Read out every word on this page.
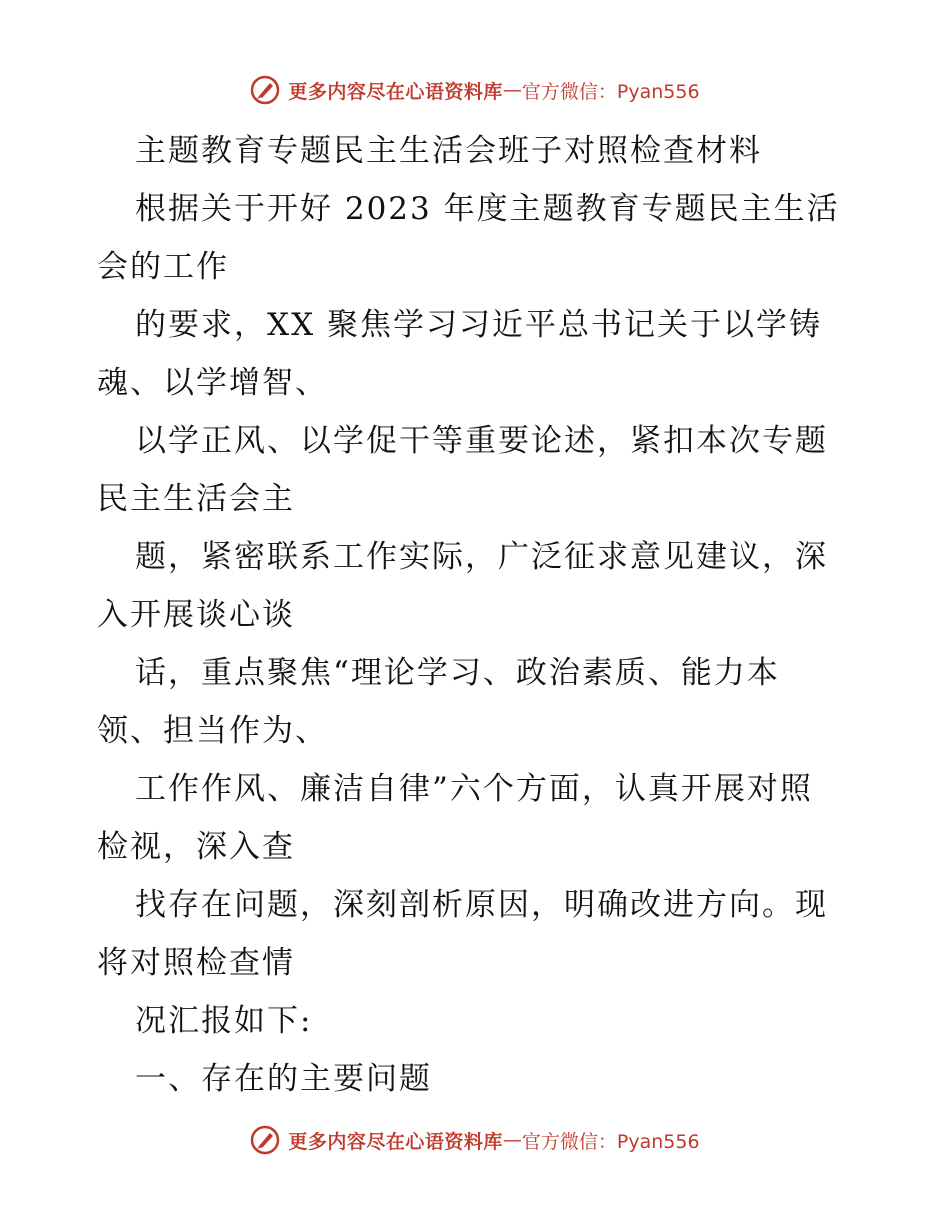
更多内容尽在心语资料库 — 官方微信：Pyan556
主题教育专题民主生活会班子对照检查材料
根据关于开好 2023 年度主题教育专题民主生活
会的工作
的要求，XX 聚焦学习习近平总书记关于以学铸
魂、以学增智、
以学正风、以学促干等重要论述，紧扣本次专题
民主生活会主
题，紧密联系工作实际，广泛征求意见建议，深
入开展谈心谈
话，重点聚焦“理论学习、政治素质、能力本
领、担当作为、
工作作风、廉洁自律”六个方面，认真开展对照
检视，深入查
找存在问题，深刻剖析原因，明确改进方向。现
将对照检查情
况汇报如下:
一、存在的主要问题
更多内容尽在心语资料库 — 官方微信：Pyan556
